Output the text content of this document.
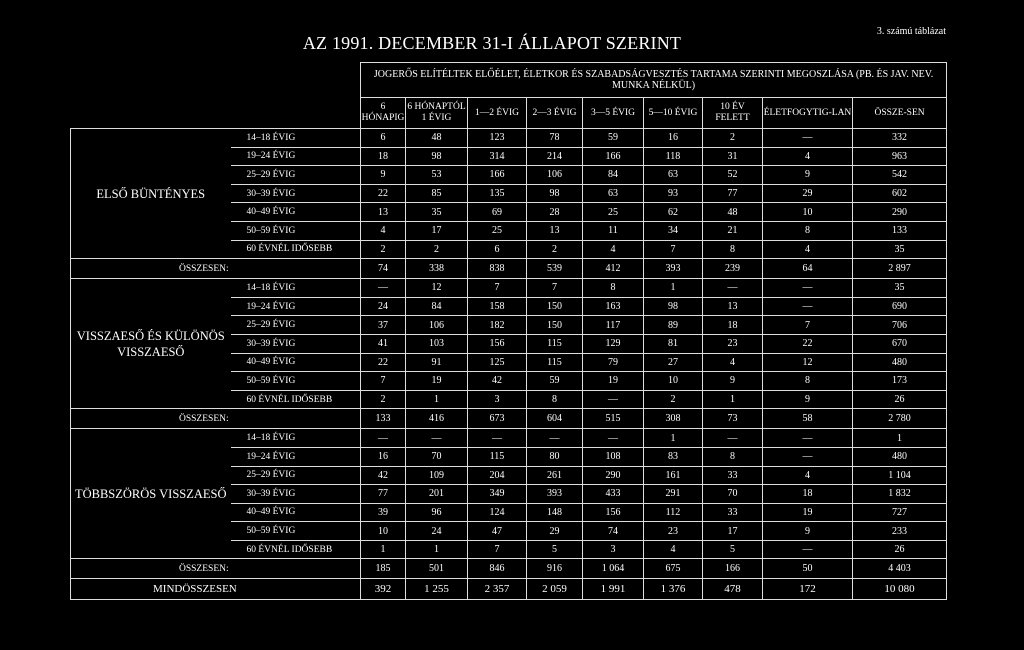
AZ 1991. DECEMBER 31-I ÁLLAPOT SZERINT
3. számú táblázat
		JOGERŐS ELÍTÉLTEK ELŐÉLET, ÉLETKOR ÉS SZABADSÁGVESZTÉS TARTAMA SZERINTI MEGOSZLÁSA (PB. ÉS JAV. NEV. MUNKA NÉLKÜL)								
		6 HÓNAPIG	6 HÓNAPTÓL 1 ÉVIG	1—2 ÉVIG	2—3 ÉVIG	3—5 ÉVIG	5—10 ÉVIG	10 ÉV FELETT	ÉLETFOGYTIG-LAN	ÖSSZE-SEN
ELSŐ BÜNTÉNYES	14–18 ÉVIG	6	48	123	78	59	16	2	—	332
	19–24 ÉVIG	18	98	314	214	166	118	31	4	963
	25–29 ÉVIG	9	53	166	106	84	63	52	9	542
	30–39 ÉVIG	22	85	135	98	63	93	77	29	602
	40–49 ÉVIG	13	35	69	28	25	62	48	10	290
	50–59 ÉVIG	4	17	25	13	11	34	21	8	133
	60 ÉVNÉL IDŐSEBB	2	2	6	2	4	7	8	4	35
ÖSSZESEN:		74	338	838	539	412	393	239	64	2 897
VISSZAESŐ ÉS KÜLÖNÖS VISSZAESŐ	14–18 ÉVIG	—	12	7	7	8	1	—	—	35
	19–24 ÉVIG	24	84	158	150	163	98	13	—	690
	25–29 ÉVIG	37	106	182	150	117	89	18	7	706
	30–39 ÉVIG	41	103	156	115	129	81	23	22	670
	40–49 ÉVIG	22	91	125	115	79	27	4	12	480
	50–59 ÉVIG	7	19	42	59	19	10	9	8	173
	60 ÉVNÉL IDŐSEBB	2	1	3	8	—	2	1	9	26
ÖSSZESEN:		133	416	673	604	515	308	73	58	2 780
TÖBBSZÖRÖS VISSZAESŐ	14–18 ÉVIG	—	—	—	—	—	1	—	—	1
	19–24 ÉVIG	16	70	115	80	108	83	8	—	480
	25–29 ÉVIG	42	109	204	261	290	161	33	4	1 104
	30–39 ÉVIG	77	201	349	393	433	291	70	18	1 832
	40–49 ÉVIG	39	96	124	148	156	112	33	19	727
	50–59 ÉVIG	10	24	47	29	74	23	17	9	233
	60 ÉVNÉL IDŐSEBB	1	1	7	5	3	4	5	—	26
ÖSSZESEN:		185	501	846	916	1 064	675	166	50	4 403
MINDÖSSZESEN		392	1 255	2 357	2 059	1 991	1 376	478	172	10 080
